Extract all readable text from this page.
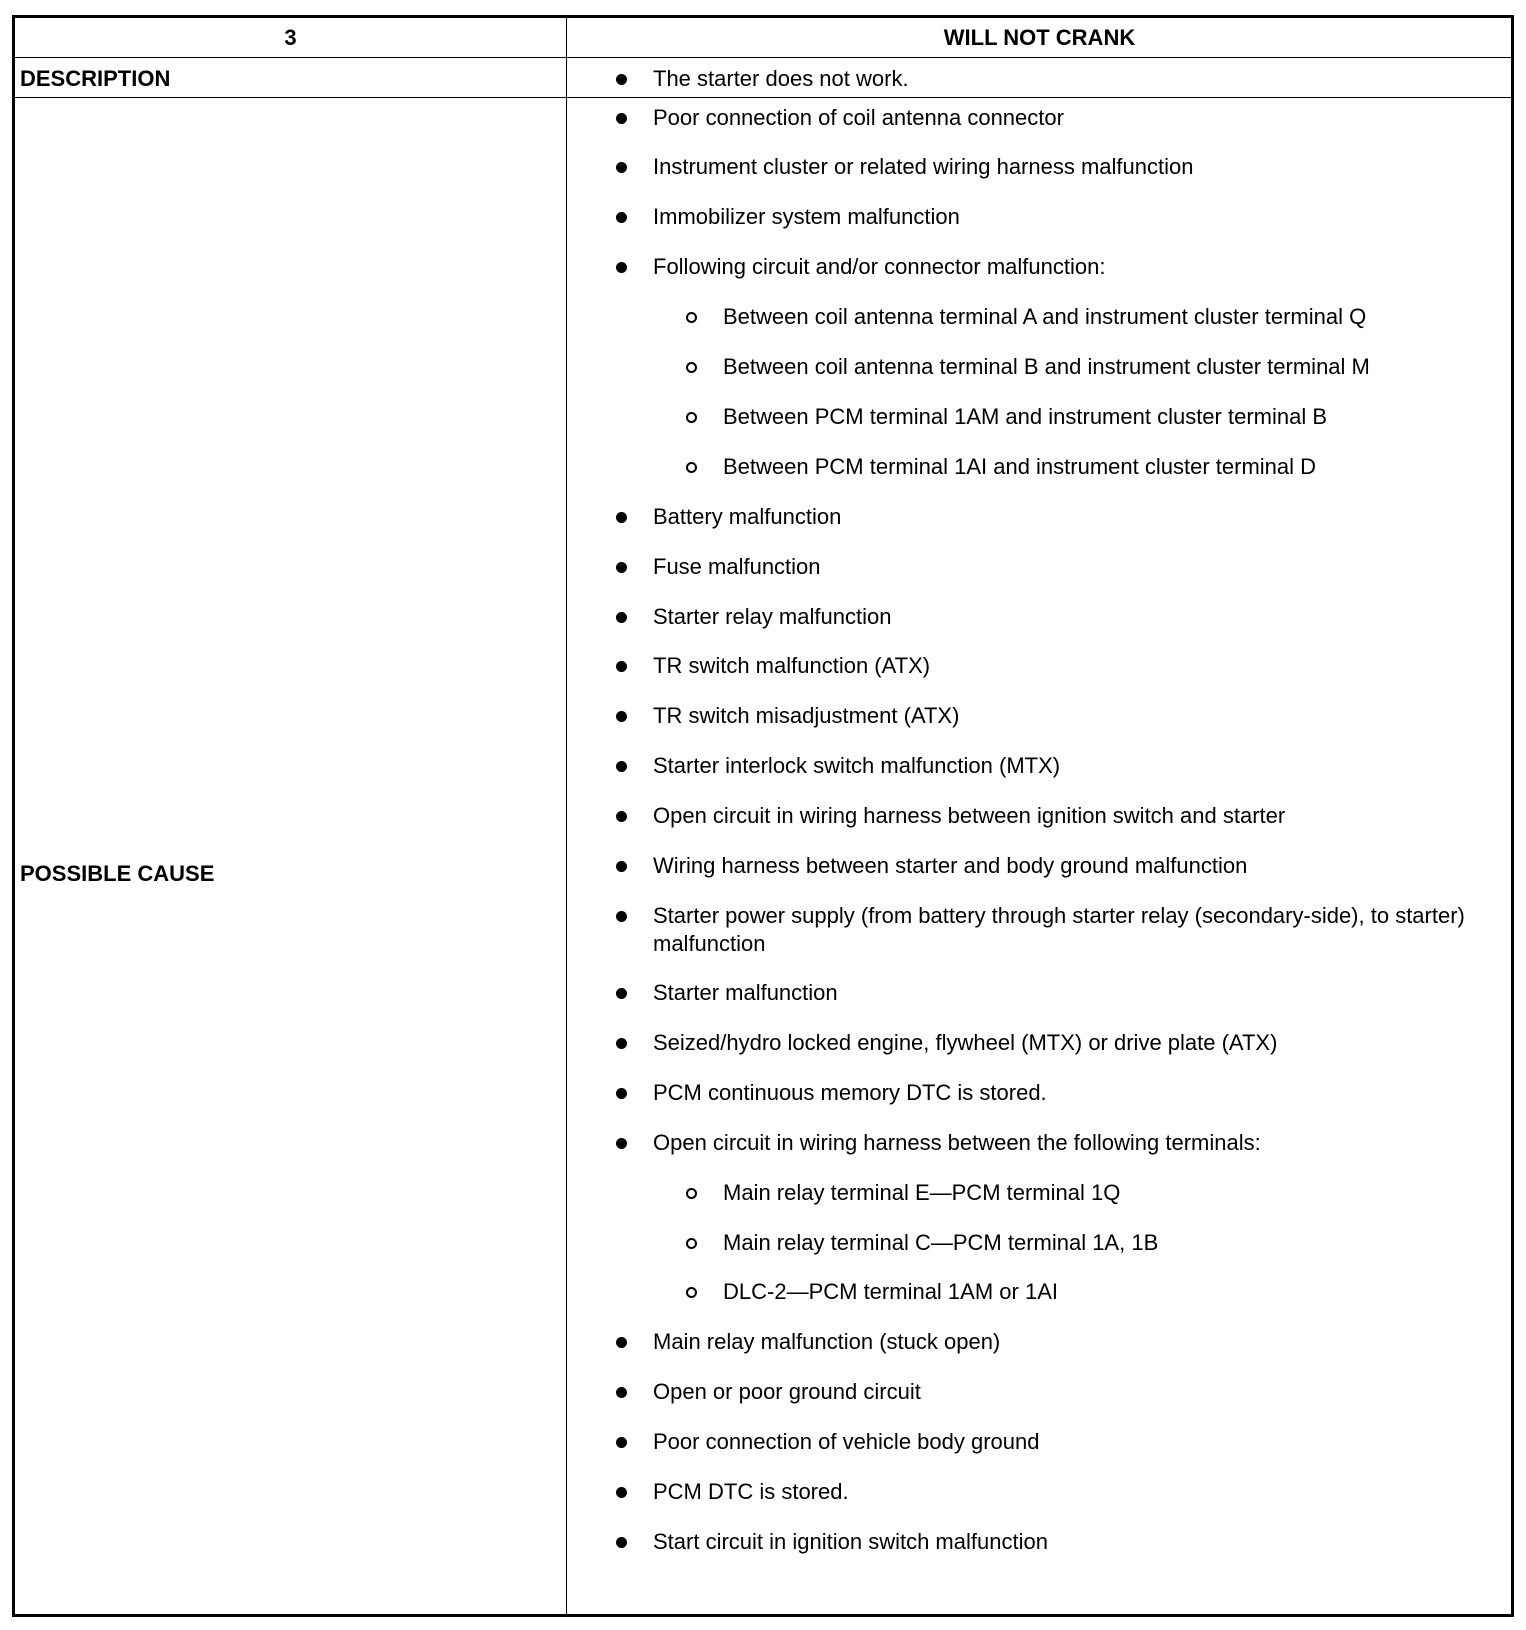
3	WILL NOT CRANK
DESCRIPTION	The starter does not work.
POSSIBLE CAUSE
Poor connection of coil antenna connector
Instrument cluster or related wiring harness malfunction
Immobilizer system malfunction
Following circuit and/or connector malfunction:
Between coil antenna terminal A and instrument cluster terminal Q
Between coil antenna terminal B and instrument cluster terminal M
Between PCM terminal 1AM and instrument cluster terminal B
Between PCM terminal 1AI and instrument cluster terminal D
Battery malfunction
Fuse malfunction
Starter relay malfunction
TR switch malfunction (ATX)
TR switch misadjustment (ATX)
Starter interlock switch malfunction (MTX)
Open circuit in wiring harness between ignition switch and starter
Wiring harness between starter and body ground malfunction
Starter power supply (from battery through starter relay (secondary-side), to starter) malfunction
Starter malfunction
Seized/hydro locked engine, flywheel (MTX) or drive plate (ATX)
PCM continuous memory DTC is stored.
Open circuit in wiring harness between the following terminals:
Main relay terminal E—PCM terminal 1Q
Main relay terminal C—PCM terminal 1A, 1B
DLC-2—PCM terminal 1AM or 1AI
Main relay malfunction (stuck open)
Open or poor ground circuit
Poor connection of vehicle body ground
PCM DTC is stored.
Start circuit in ignition switch malfunction
